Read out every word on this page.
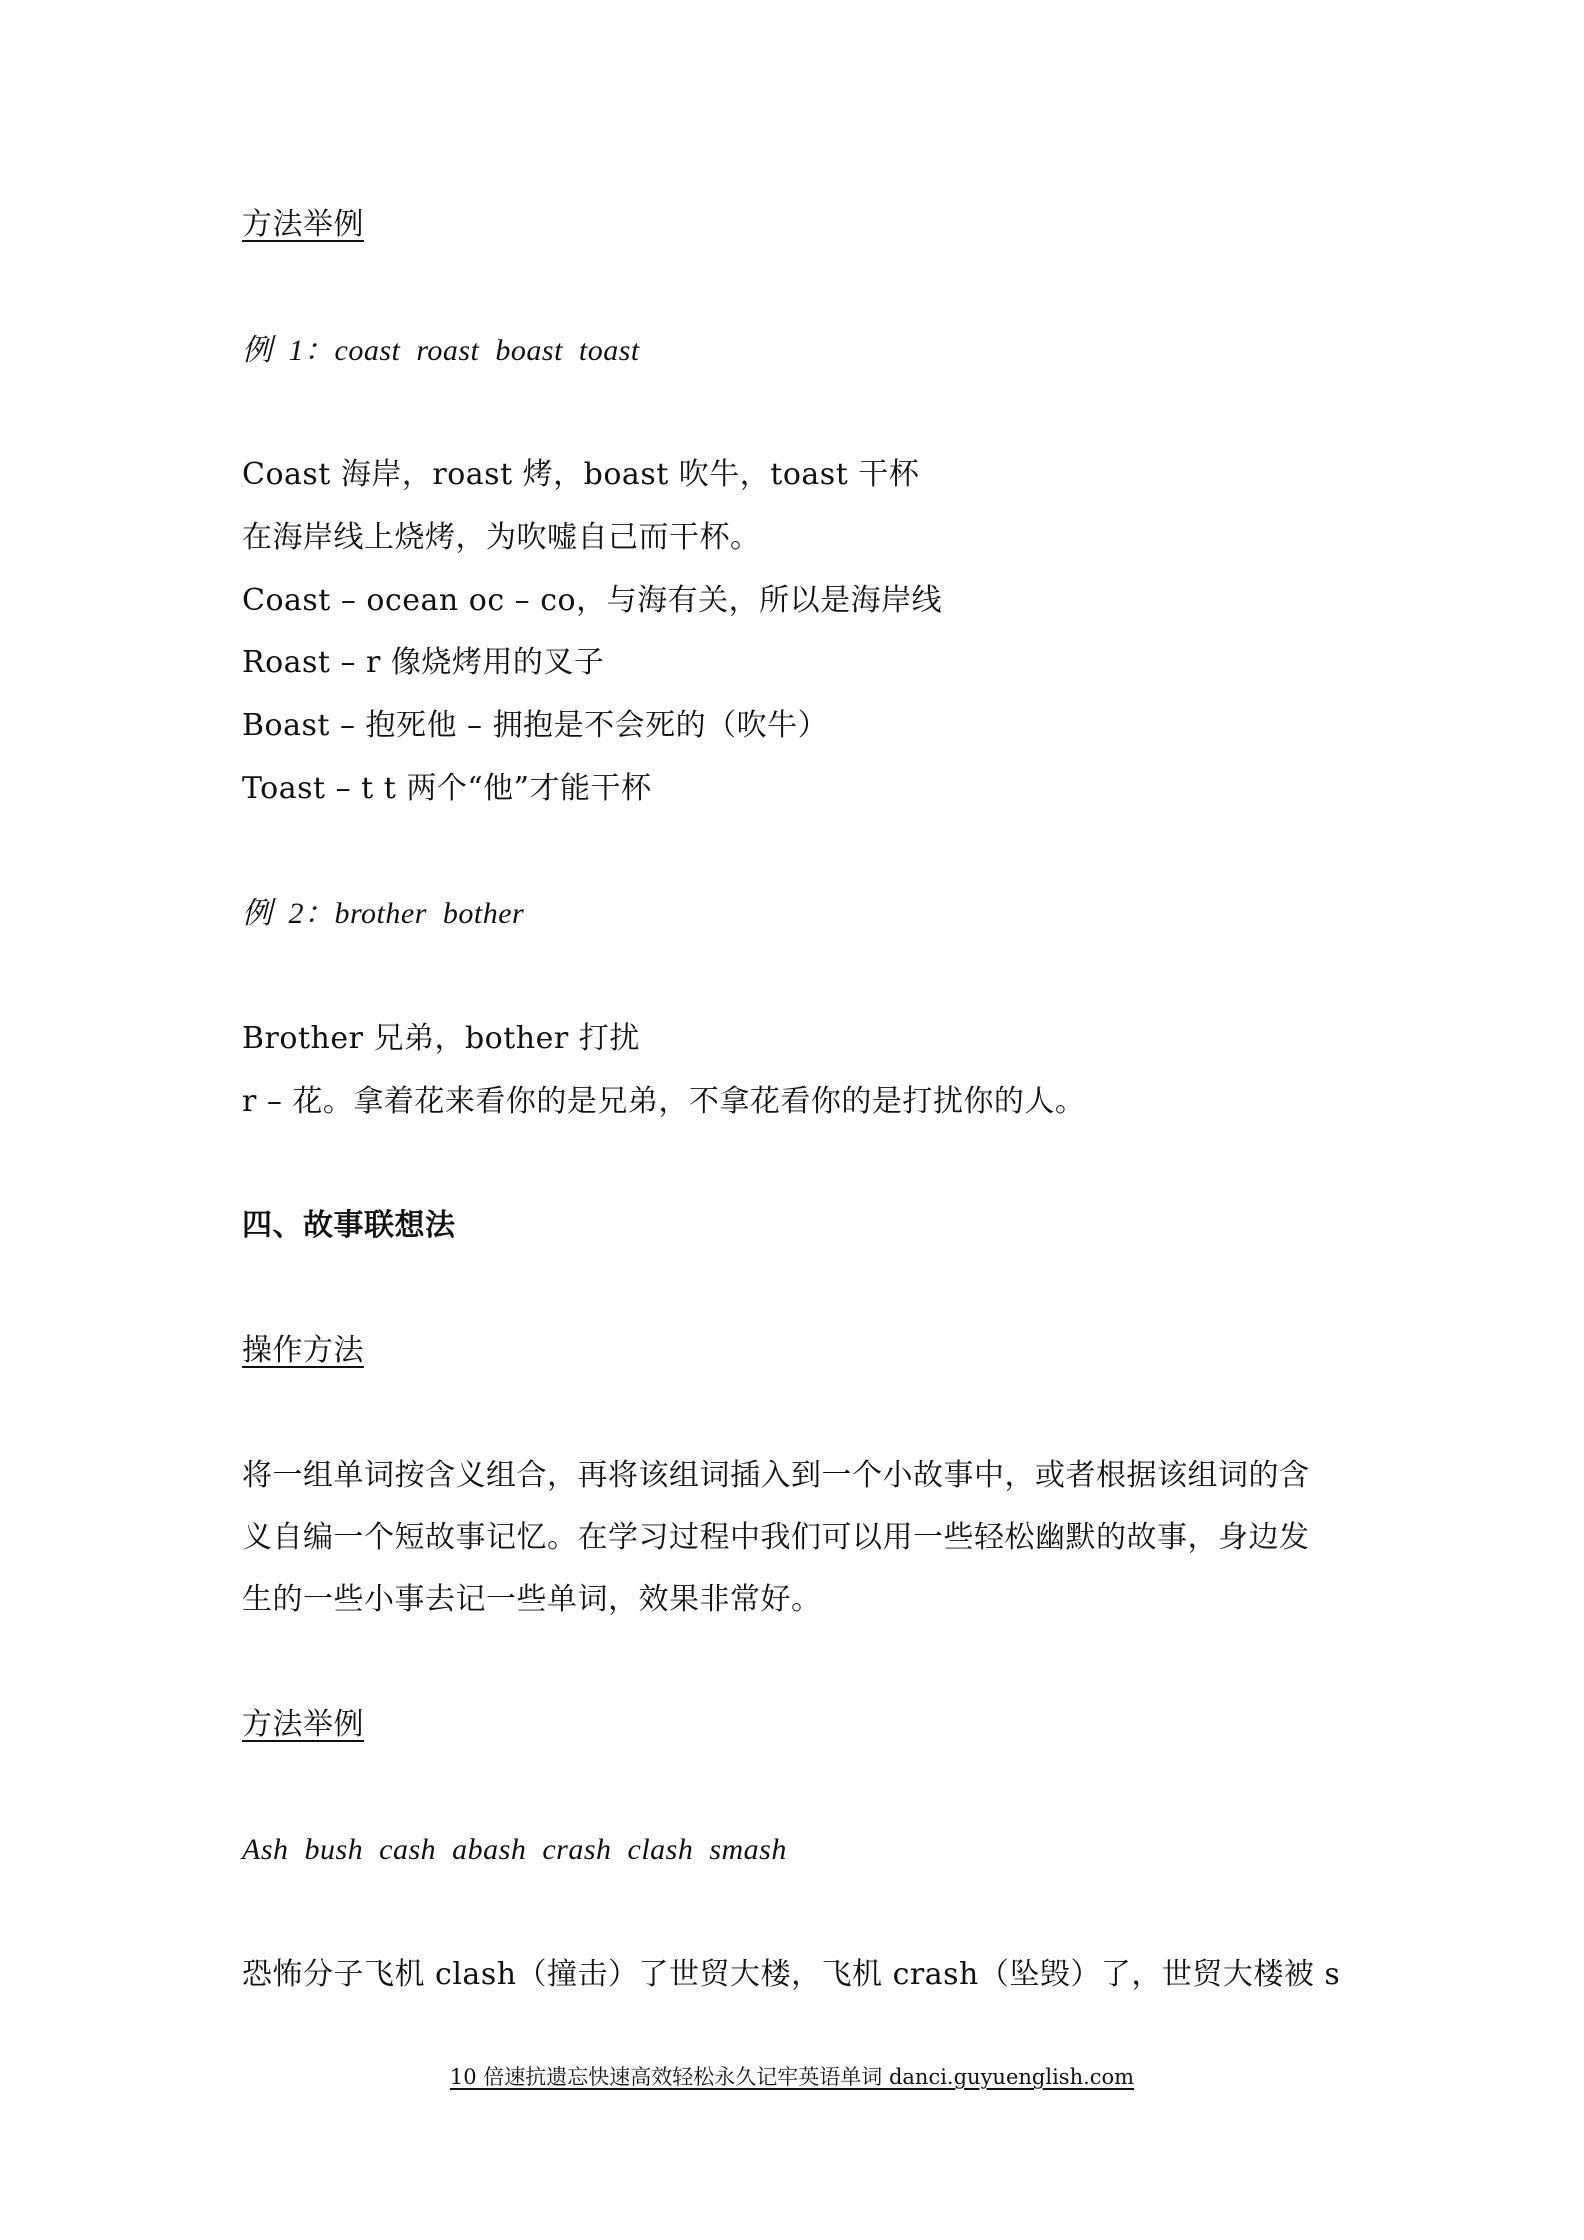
方法举例
例 1：coast roast boast toast
Coast 海岸，roast 烤，boast 吹牛，toast 干杯
在海岸线上烧烤，为吹嘘自己而干杯。
Coast – ocean oc – co，与海有关，所以是海岸线
Roast – r 像烧烤用的叉子
Boast – 抱死他 – 拥抱是不会死的（吹牛）
Toast – t t 两个“他”才能干杯
例 2：brother bother
Brother 兄弟，bother 打扰
r – 花。拿着花来看你的是兄弟，不拿花看你的是打扰你的人。
四、故事联想法
操作方法
将一组单词按含义组合，再将该组词插入到一个小故事中，或者根据该组词的含
义自编一个短故事记忆。在学习过程中我们可以用一些轻松幽默的故事，身边发
生的一些小事去记一些单词，效果非常好。
方法举例
Ash bush cash abash crash clash smash
恐怖分子飞机 clash（撞击）了世贸大楼，飞机 crash（坠毁）了，世贸大楼被 s
10 倍速抗遗忘快速高效轻松永久记牢英语单词 danci.guyuenglish.com
